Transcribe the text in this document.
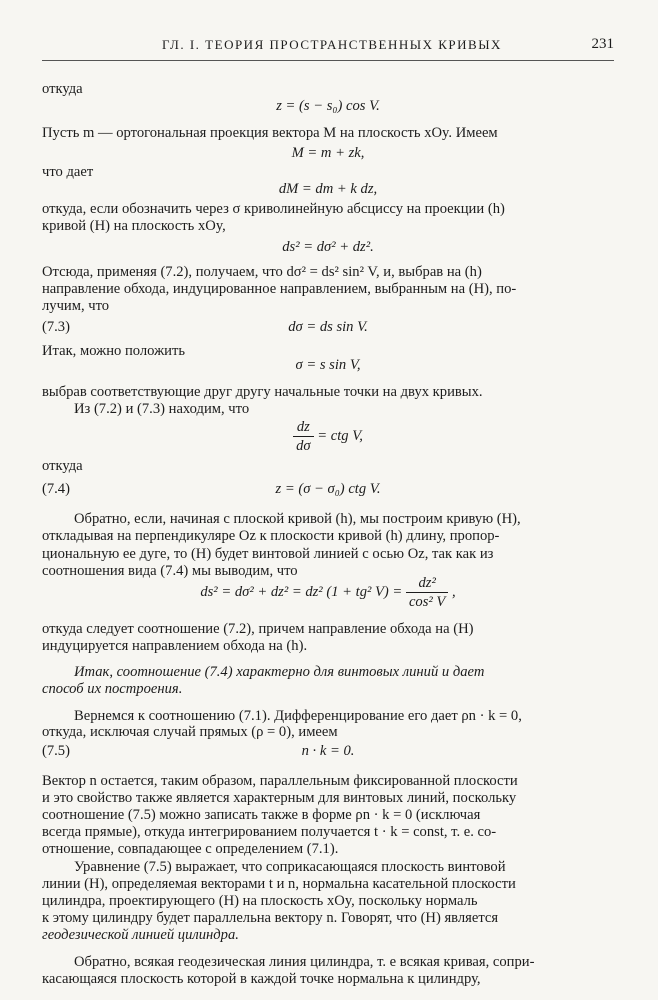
ГЛ. I. ТЕОРИЯ ПРОСТРАНСТВЕННЫХ КРИВЫХ	231
откуда
z = (s − s₀) cos V.
Пусть m — ортогональная проекция вектора M на плоскость xOy. Имеем
M = m + zk,
что дает
dM = dm + k dz,
откуда, если обозначить через σ криволинейную абсциссу на проекции (h)
кривой (H) на плоскость xOy,
ds² = dσ² + dz².
Отсюда, применяя (7.2), получаем, что dσ² = ds² sin² V, и, выбрав на (h)
направление обхода, индуцированное направлением, выбранным на (H), по-
лучим, что
(7.3)	dσ = ds sin V.
Итак, можно положить
σ = s sin V,
выбрав соответствующие друг другу начальные точки на двух кривых.
Из (7.2) и (7.3) находим, что
$\frac{dz}{d\sigma}$ = ctg V,
откуда
(7.4)	z = (σ − σ₀) ctg V.
Обратно, если, начиная с плоской кривой (h), мы построим кривую (H),
откладывая на перпендикуляре Oz к плоскости кривой (h) длину, пропор-
циональную ее дуге, то (H) будет винтовой линией с осью Oz, так как из
соотношения вида (7.4) мы выводим, что
ds² = dσ² + dz² = dz² (1 + tg² $V) = \frac{\text{dz²}}{\text{cos² V}}$ ,
откуда следует соотношение (7.2), причем направление обхода на (H)
индуцируется направлением обхода на (h).
Итак, соотношение (7.4) характерно для винтовых линий и дает
способ их построения.
Вернемся к соотношению (7.1). Дифференцирование его дает ρn · k = 0,
откуда, исключая случай прямых (ρ = 0), имеем
(7.5)	n · k = 0.
Вектор n остается, таким образом, параллельным фиксированной плоскости
и это свойство также является характерным для винтовых линий, поскольку
соотношение (7.5) можно записать также в форме ρn · k = 0 (исключая
всегда прямые), откуда интегрированием получается t · k = const, т. е. со-
отношение, совпадающее с определением (7.1).
Уравнение (7.5) выражает, что соприкасающаяся плоскость винтовой
линии (H), определяемая векторами t и n, нормальна касательной плоскости
цилиндра, проектирующего (H) на плоскость xOy, поскольку нормаль
к этому цилиндру будет параллельна вектору n. Говорят, что (H) является
геодезической линией цилиндра.
Обратно, всякая геодезическая линия цилиндра, т. е всякая кривая, сопри-
касающаяся плоскость которой в каждой точке нормальна к цилиндру,
